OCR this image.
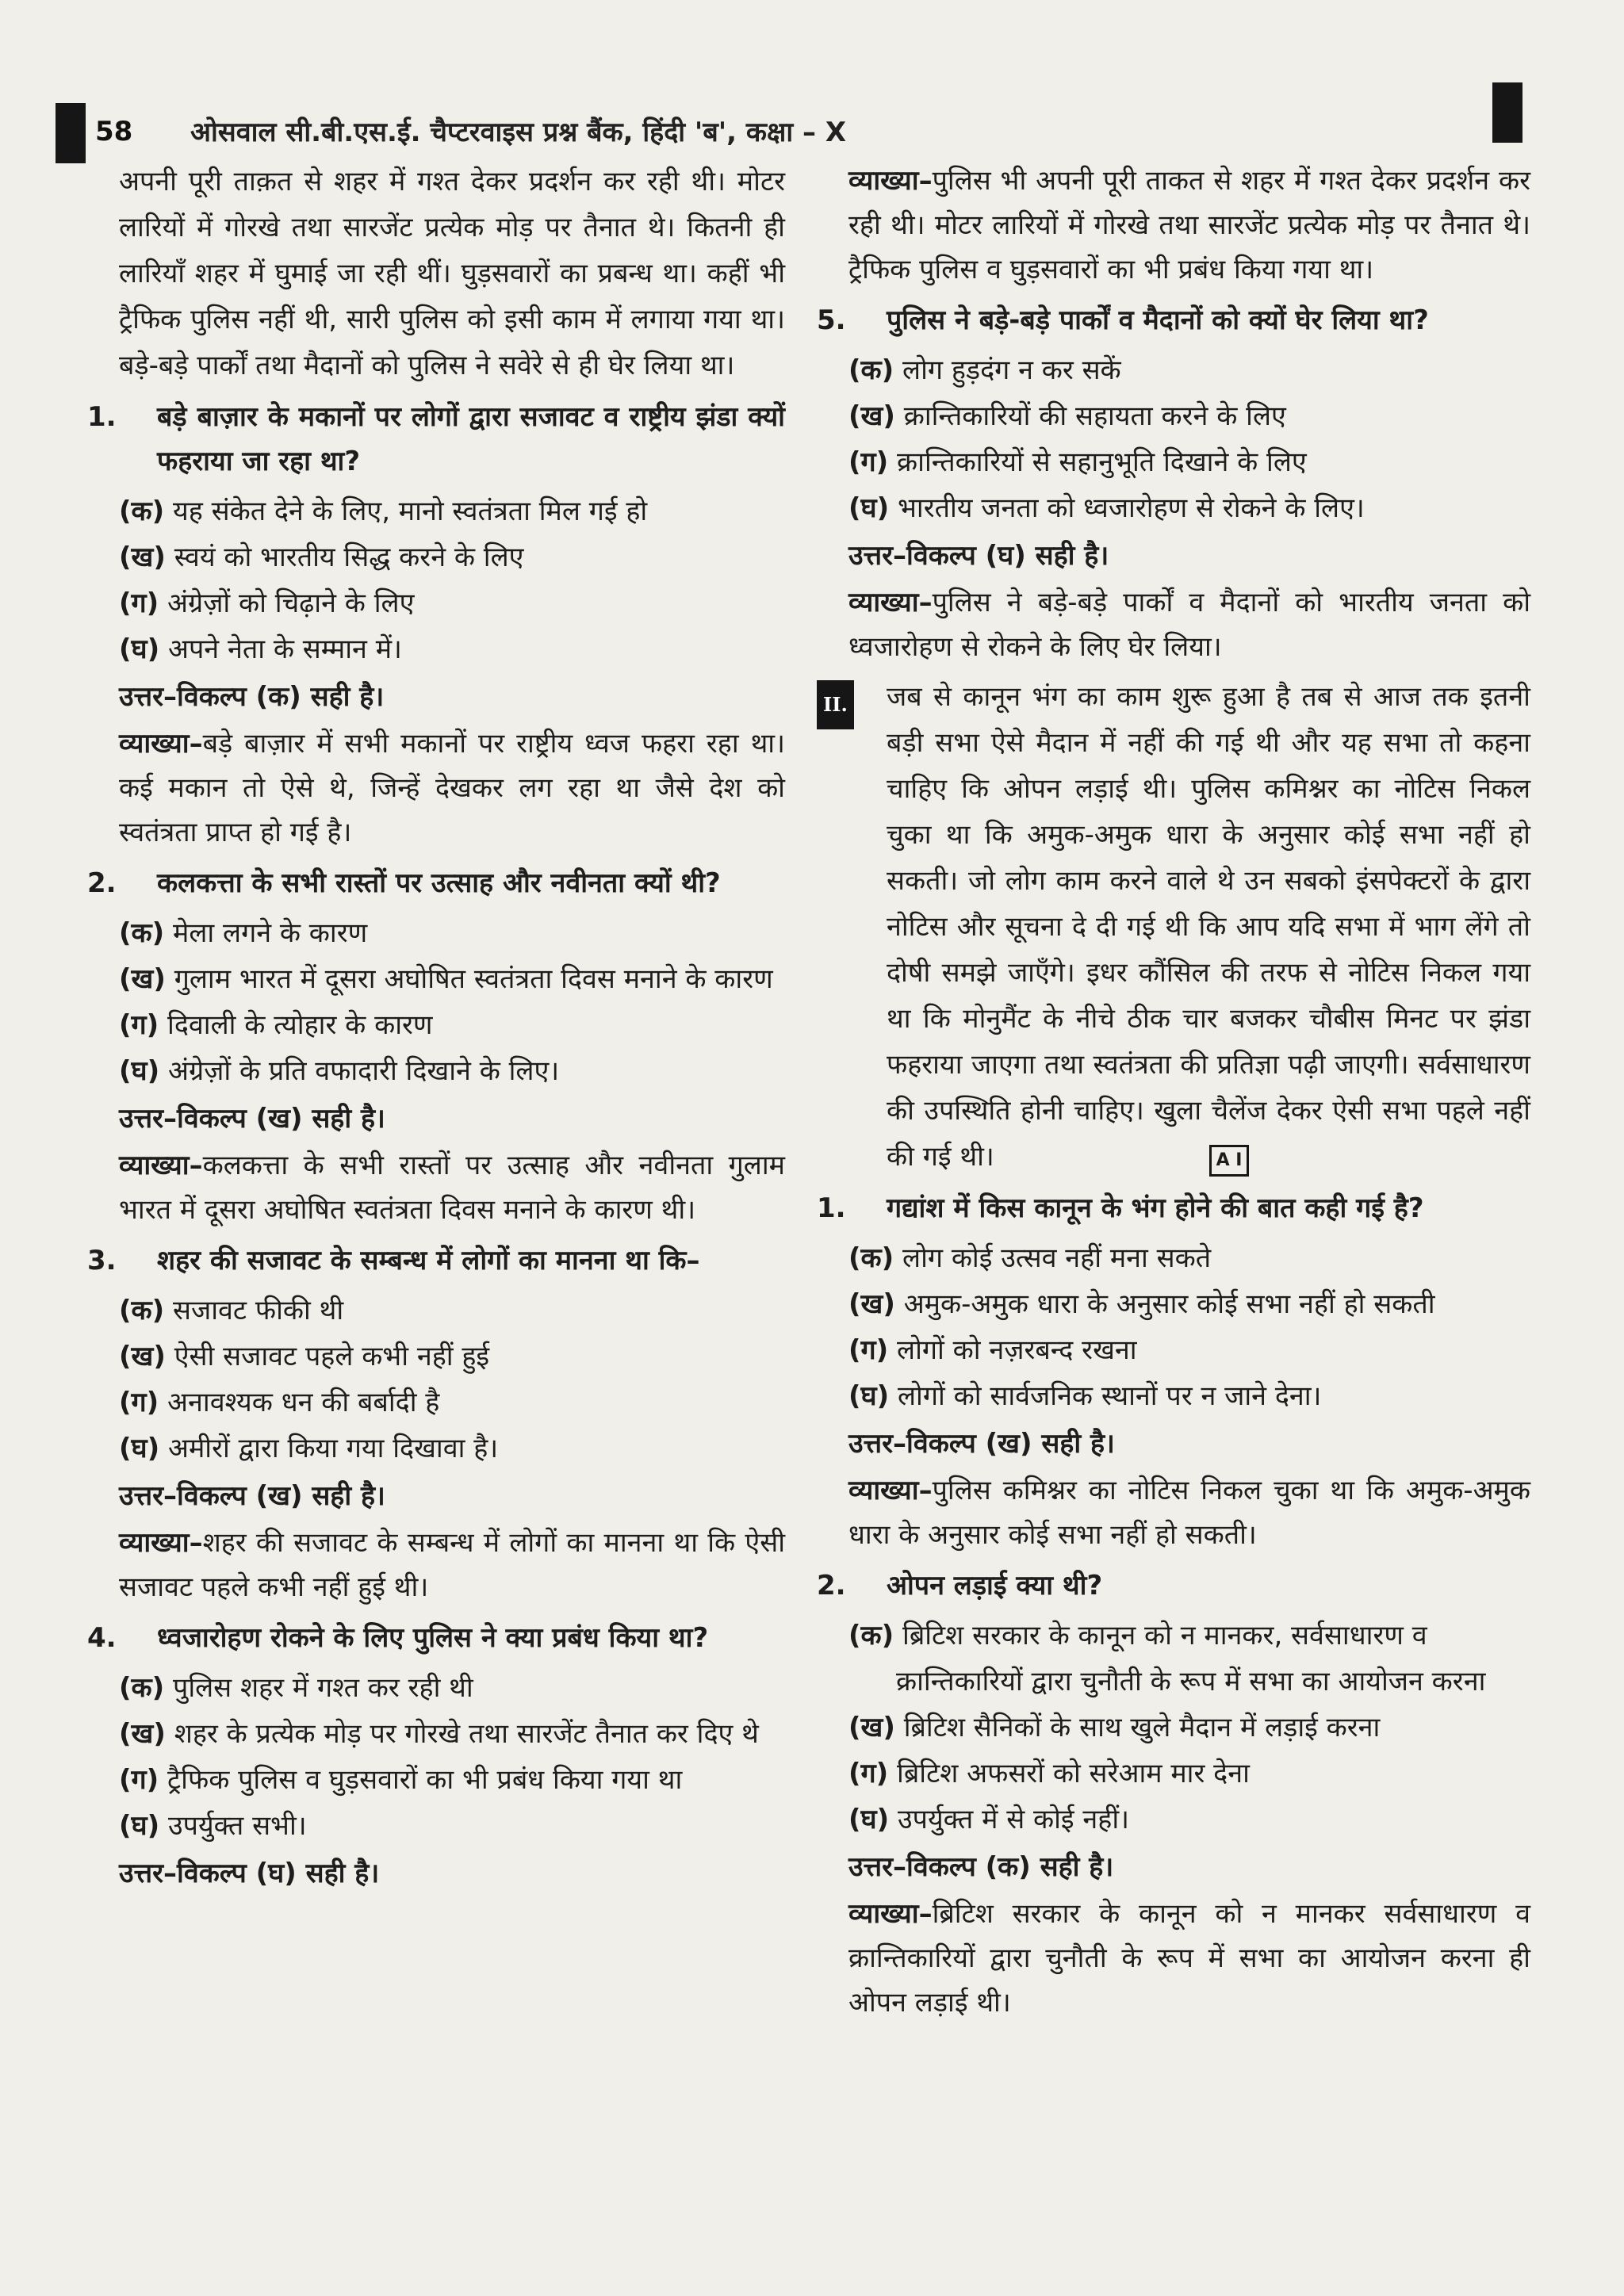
58 ओसवाल सी.बी.एस.ई. चैप्टरवाइस प्रश्न बैंक, हिंदी 'ब', कक्षा – X

अपनी पूरी ताक़त से शहर में गश्त देकर प्रदर्शन कर रही थी। मोटर लारियों में गोरखे तथा सारजेंट प्रत्येक मोड़ पर तैनात थे। कितनी ही लारियाँ शहर में घुमाई जा रही थीं। घुड़सवारों का प्रबन्ध था। कहीं भी ट्रैफिक पुलिस नहीं थी, सारी पुलिस को इसी काम में लगाया गया था। बड़े-बड़े पार्कों तथा मैदानों को पुलिस ने सवेरे से ही घेर लिया था।

1. बड़े बाज़ार के मकानों पर लोगों द्वारा सजावट व राष्ट्रीय झंडा क्यों फहराया जा रहा था?

(क) यह संकेत देने के लिए, मानो स्वतंत्रता मिल गई हो

(ख) स्वयं को भारतीय सिद्ध करने के लिए

(ग) अंग्रेज़ों को चिढ़ाने के लिए

(घ) अपने नेता के सम्मान में।

उत्तर–विकल्प (क) सही है।

व्याख्या–बड़े बाज़ार में सभी मकानों पर राष्ट्रीय ध्वज फहरा रहा था। कई मकान तो ऐसे थे, जिन्हें देखकर लग रहा था जैसे देश को स्वतंत्रता प्राप्त हो गई है।

2. कलकत्ता के सभी रास्तों पर उत्साह और नवीनता क्यों थी?

(क) मेला लगने के कारण

(ख) गुलाम भारत में दूसरा अघोषित स्वतंत्रता दिवस मनाने के कारण

(ग) दिवाली के त्योहार के कारण

(घ) अंग्रेज़ों के प्रति वफादारी दिखाने के लिए।

उत्तर–विकल्प (ख) सही है।

व्याख्या–कलकत्ता के सभी रास्तों पर उत्साह और नवीनता गुलाम भारत में दूसरा अघोषित स्वतंत्रता दिवस मनाने के कारण थी।

3. शहर की सजावट के सम्बन्ध में लोगों का मानना था कि–

(क) सजावट फीकी थी

(ख) ऐसी सजावट पहले कभी नहीं हुई

(ग) अनावश्यक धन की बर्बादी है

(घ) अमीरों द्वारा किया गया दिखावा है।

उत्तर–विकल्प (ख) सही है।

व्याख्या–शहर की सजावट के सम्बन्ध में लोगों का मानना था कि ऐसी सजावट पहले कभी नहीं हुई थी।

4. ध्वजारोहण रोकने के लिए पुलिस ने क्या प्रबंध किया था?

(क) पुलिस शहर में गश्त कर रही थी

(ख) शहर के प्रत्येक मोड़ पर गोरखे तथा सारजेंट तैनात कर दिए थे

(ग) ट्रैफिक पुलिस व घुड़सवारों का भी प्रबंध किया गया था

(घ) उपर्युक्त सभी।

उत्तर–विकल्प (घ) सही है।

व्याख्या–पुलिस भी अपनी पूरी ताकत से शहर में गश्त देकर प्रदर्शन कर रही थी। मोटर लारियों में गोरखे तथा सारजेंट प्रत्येक मोड़ पर तैनात थे। ट्रैफिक पुलिस व घुड़सवारों का भी प्रबंध किया गया था।

5. पुलिस ने बड़े-बड़े पार्कों व मैदानों को क्यों घेर लिया था?

(क) लोग हुड़दंग न कर सकें

(ख) क्रान्तिकारियों की सहायता करने के लिए

(ग) क्रान्तिकारियों से सहानुभूति दिखाने के लिए

(घ) भारतीय जनता को ध्वजारोहण से रोकने के लिए।

उत्तर–विकल्प (घ) सही है।

व्याख्या–पुलिस ने बड़े-बड़े पार्कों व मैदानों को भारतीय जनता को ध्वजारोहण से रोकने के लिए घेर लिया।

II. जब से कानून भंग का काम शुरू हुआ है तब से आज तक इतनी बड़ी सभा ऐसे मैदान में नहीं की गई थी और यह सभा तो कहना चाहिए कि ओपन लड़ाई थी। पुलिस कमिश्नर का नोटिस निकल चुका था कि अमुक-अमुक धारा के अनुसार कोई सभा नहीं हो सकती। जो लोग काम करने वाले थे उन सबको इंसपेक्टरों के द्वारा नोटिस और सूचना दे दी गई थी कि आप यदि सभा में भाग लेंगे तो दोषी समझे जाएँगे। इधर कौंसिल की तरफ से नोटिस निकल गया था कि मोनुमैंट के नीचे ठीक चार बजकर चौबीस मिनट पर झंडा फहराया जाएगा तथा स्वतंत्रता की प्रतिज्ञा पढ़ी जाएगी। सर्वसाधारण की उपस्थिति होनी चाहिए। खुला चैलेंज देकर ऐसी सभा पहले नहीं की गई थी।	A I
1. गद्यांश में किस कानून के भंग होने की बात कही गई है?

(क) लोग कोई उत्सव नहीं मना सकते

(ख) अमुक-अमुक धारा के अनुसार कोई सभा नहीं हो सकती

(ग) लोगों को नज़रबन्द रखना

(घ) लोगों को सार्वजनिक स्थानों पर न जाने देना।

उत्तर–विकल्प (ख) सही है।

व्याख्या–पुलिस कमिश्नर का नोटिस निकल चुका था कि अमुक-अमुक धारा के अनुसार कोई सभा नहीं हो सकती।

2. ओपन लड़ाई क्या थी?

(क) ब्रिटिश सरकार के कानून को न मानकर, सर्वसाधारण व क्रान्तिकारियों द्वारा चुनौती के रूप में सभा का आयोजन करना

(ख) ब्रिटिश सैनिकों के साथ खुले मैदान में लड़ाई करना

(ग) ब्रिटिश अफसरों को सरेआम मार देना

(घ) उपर्युक्त में से कोई नहीं।

उत्तर–विकल्प (क) सही है।

व्याख्या–ब्रिटिश सरकार के कानून को न मानकर सर्वसाधारण व क्रान्तिकारियों द्वारा चुनौती के रूप में सभा का आयोजन करना ही ओपन लड़ाई थी।
